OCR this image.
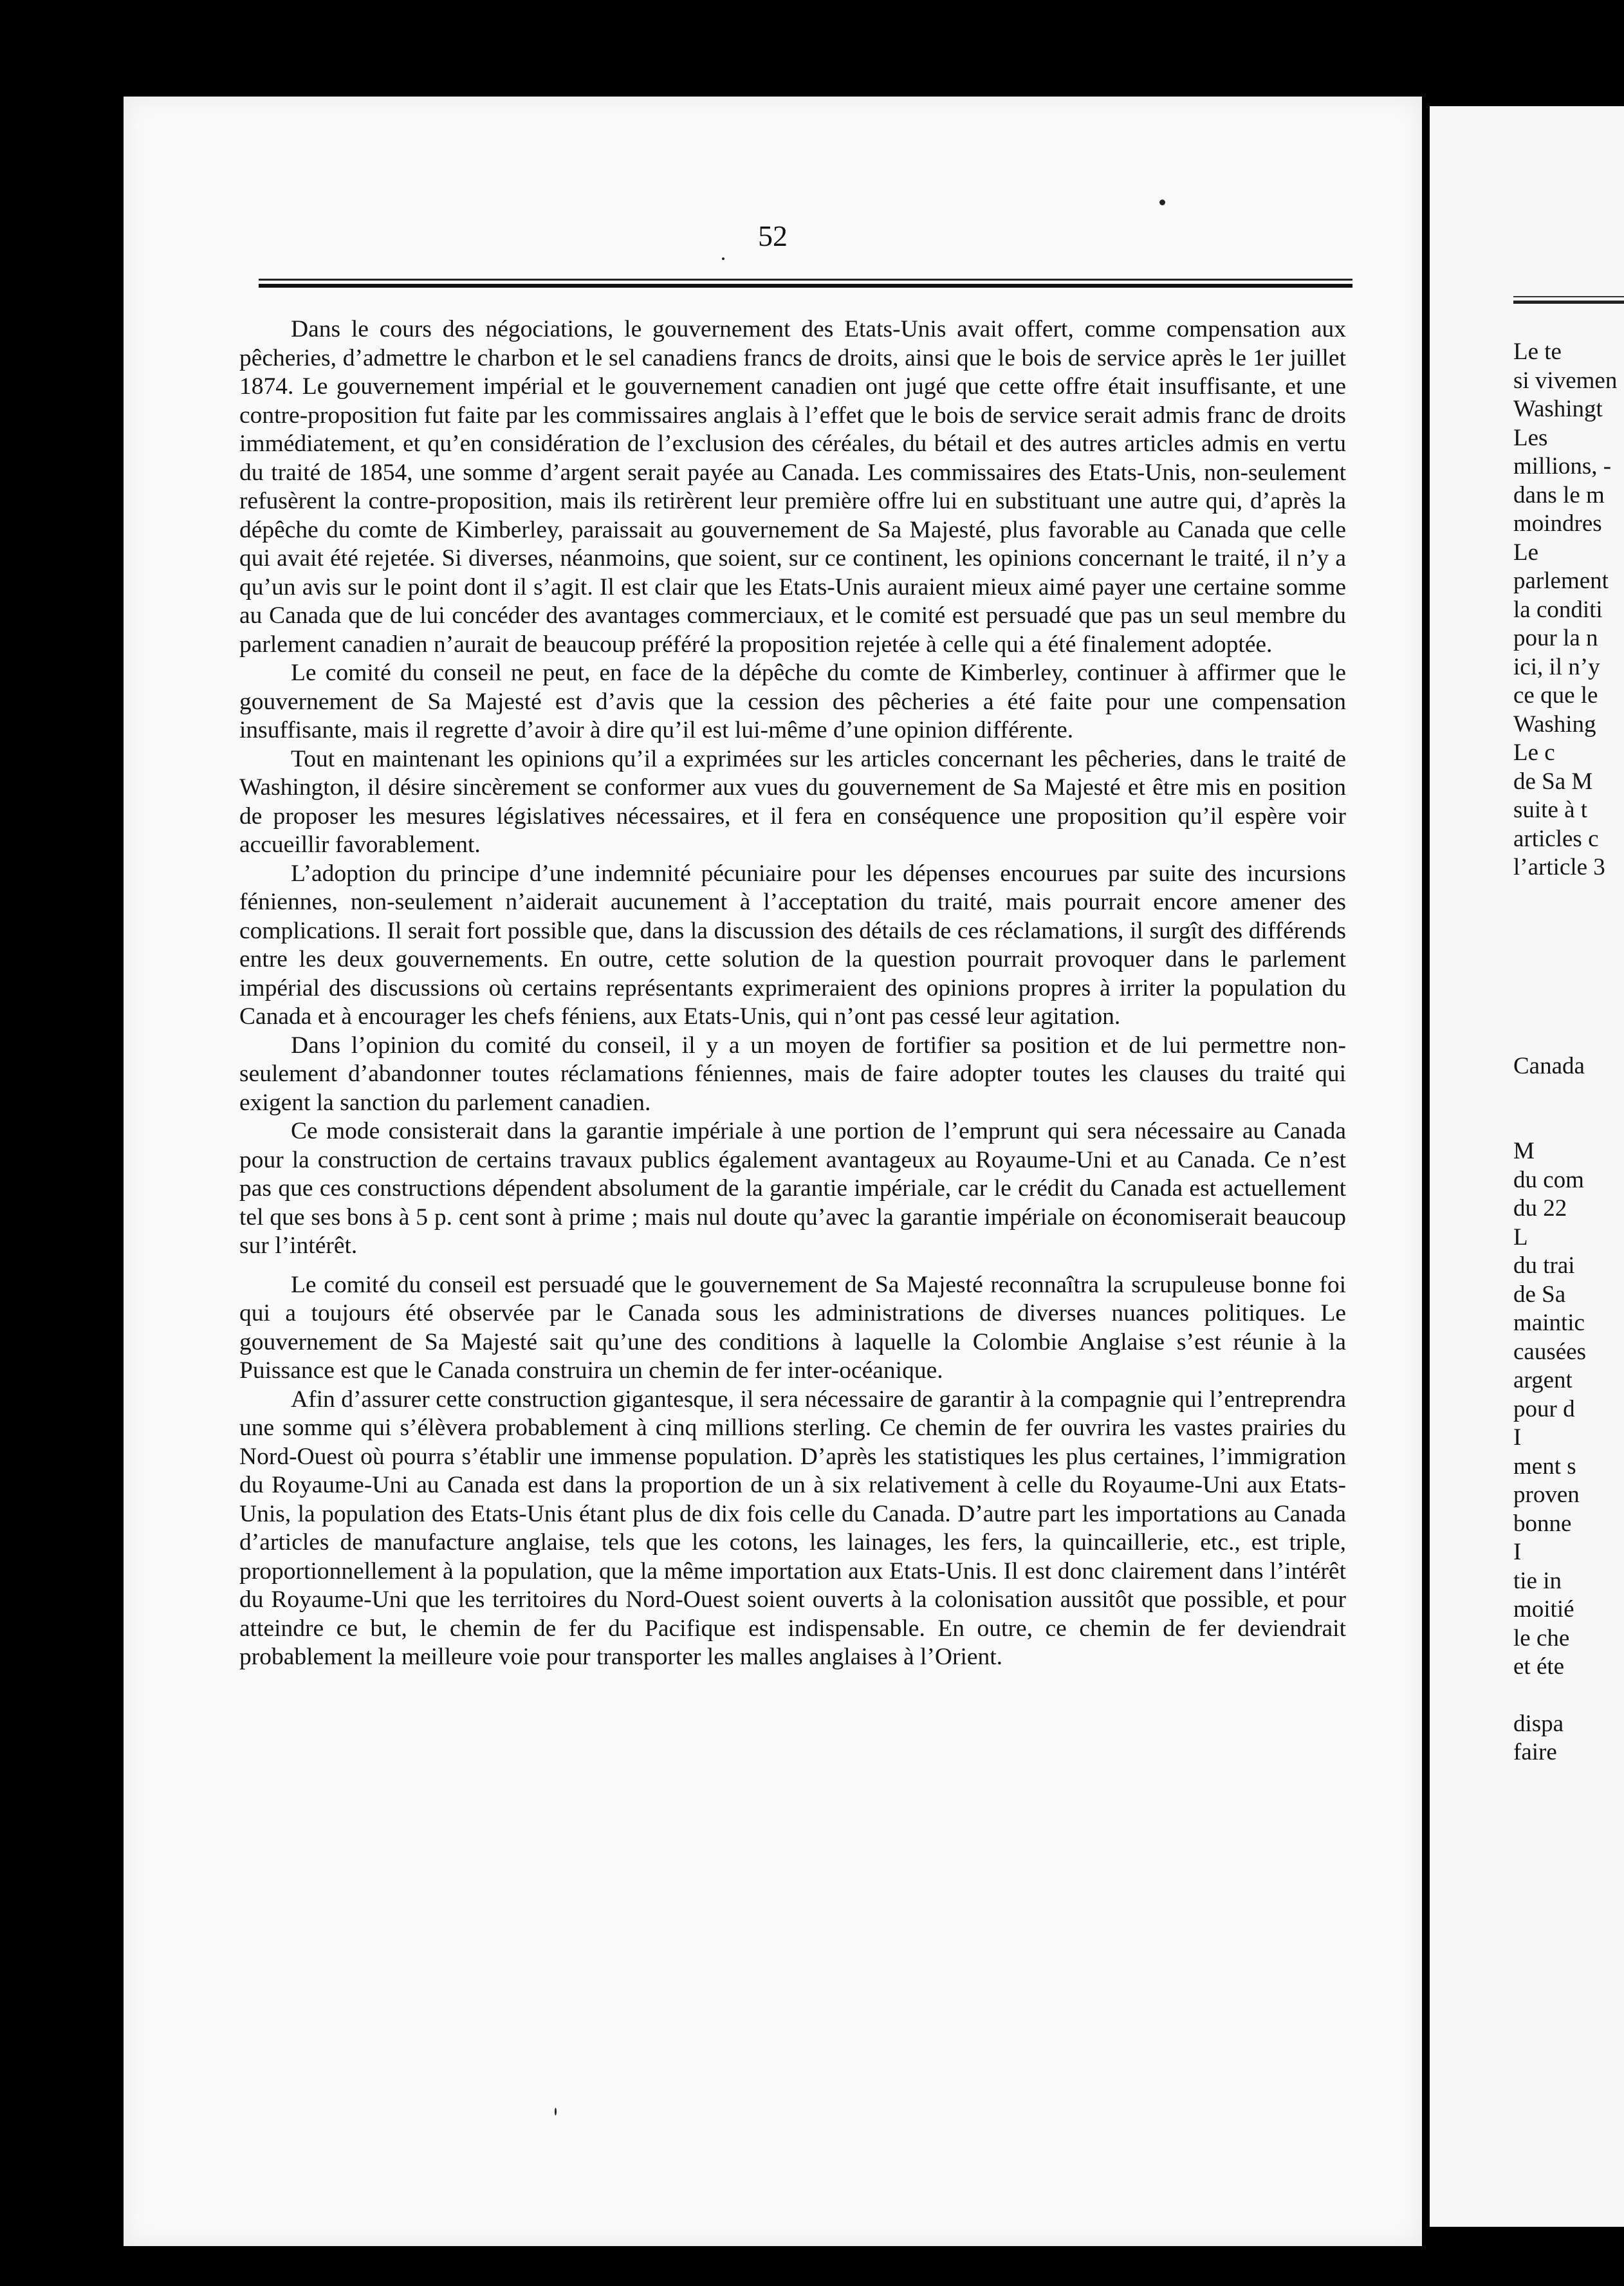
52

Dans le cours des négociations, le gouvernement des Etats-Unis avait offert, comme compensation aux pêcheries, d’admettre le charbon et le sel canadiens francs de droits, ainsi que le bois de service après le 1er juillet 1874. Le gouvernement impérial et le gouvernement canadien ont jugé que cette offre était insuffisante, et une contre-proposition fut faite par les commissaires anglais à l’effet que le bois de service serait admis franc de droits immédiatement, et qu’en considération de l’exclusion des céréales, du bétail et des autres articles admis en vertu du traité de 1854, une somme d’argent serait payée au Canada. Les commissaires des Etats-Unis, non-seulement refusèrent la contre-proposition, mais ils retirèrent leur première offre lui en substituant une autre qui, d’après la dépêche du comte de Kimberley, paraissait au gouvernement de Sa Majesté, plus favorable au Canada que celle qui avait été rejetée. Si diverses, néanmoins, que soient, sur ce continent, les opinions concernant le traité, il n’y a qu’un avis sur le point dont il s’agit. Il est clair que les Etats-Unis auraient mieux aimé payer une certaine somme au Canada que de lui concéder des avantages commerciaux, et le comité est persuadé que pas un seul membre du parlement canadien n’aurait de beaucoup préféré la proposition rejetée à celle qui a été finalement adoptée.

Le comité du conseil ne peut, en face de la dépêche du comte de Kimberley, continuer à affirmer que le gouvernement de Sa Majesté est d’avis que la cession des pêcheries a été faite pour une compensation insuffisante, mais il regrette d’avoir à dire qu’il est lui-même d’une opinion différente.

Tout en maintenant les opinions qu’il a exprimées sur les articles concernant les pêcheries, dans le traité de Washington, il désire sincèrement se conformer aux vues du gouvernement de Sa Majesté et être mis en position de proposer les mesures législatives nécessaires, et il fera en conséquence une proposition qu’il espère voir accueillir favorablement.

L’adoption du principe d’une indemnité pécuniaire pour les dépenses encourues par suite des incursions féniennes, non-seulement n’aiderait aucunement à l’acceptation du traité, mais pourrait encore amener des complications. Il serait fort possible que, dans la discussion des détails de ces réclamations, il surgît des différends entre les deux gouvernements. En outre, cette solution de la question pourrait provoquer dans le parlement impérial des discussions où certains représentants exprimeraient des opinions propres à irriter la population du Canada et à encourager les chefs féniens, aux Etats-Unis, qui n’ont pas cessé leur agitation.

Dans l’opinion du comité du conseil, il y a un moyen de fortifier sa position et de lui permettre non-seulement d’abandonner toutes réclamations féniennes, mais de faire adopter toutes les clauses du traité qui exigent la sanction du parlement canadien.

Ce mode consisterait dans la garantie impériale à une portion de l’emprunt qui sera nécessaire au Canada pour la construction de certains travaux publics également avantageux au Royaume-Uni et au Canada. Ce n’est pas que ces constructions dépendent absolument de la garantie impériale, car le crédit du Canada est actuellement tel que ses bons à 5 p. cent sont à prime ; mais nul doute qu’avec la garantie impériale on économiserait beaucoup sur l’intérêt.

Le comité du conseil est persuadé que le gouvernement de Sa Majesté reconnaîtra la scrupuleuse bonne foi qui a toujours été observée par le Canada sous les administrations de diverses nuances politiques. Le gouvernement de Sa Majesté sait qu’une des conditions à laquelle la Colombie Anglaise s’est réunie à la Puissance est que le Canada construira un chemin de fer inter-océanique.

Afin d’assurer cette construction gigantesque, il sera nécessaire de garantir à la compagnie qui l’entreprendra une somme qui s’élèvera probablement à cinq millions sterling. Ce chemin de fer ouvrira les vastes prairies du Nord-Ouest où pourra s’établir une immense population. D’après les statistiques les plus certaines, l’immigration du Royaume-Uni au Canada est dans la proportion de un à six relativement à celle du Royaume-Uni aux Etats-Unis, la population des Etats-Unis étant plus de dix fois celle du Canada. D’autre part les importations au Canada d’articles de manufacture anglaise, tels que les cotons, les lainages, les fers, la quincaillerie, etc., est triple, proportionnellement à la population, que la même importation aux Etats-Unis. Il est donc clairement dans l’intérêt du Royaume-Uni que les territoires du Nord-Ouest soient ouverts à la colonisation aussitôt que possible, et pour atteindre ce but, le chemin de fer du Pacifique est indispensable. En outre, ce chemin de fer deviendrait probablement la meilleure voie pour transporter les malles anglaises à l’Orient.

Le te
si vivemen
Washingt
Les
millions, -
dans le m
moindres
Le
parlement
la conditi
pour la n
ici, il n’y
ce que le
Washing
Le c
de Sa M
suite à t
articles c
l’article 3
Canada
M
du com
du 22
L
du trai
de Sa
maintic
causées
argent
pour d
I
ment s
proven
bonne
I
tie in
moitié
le che
et éte
dispa
faire
